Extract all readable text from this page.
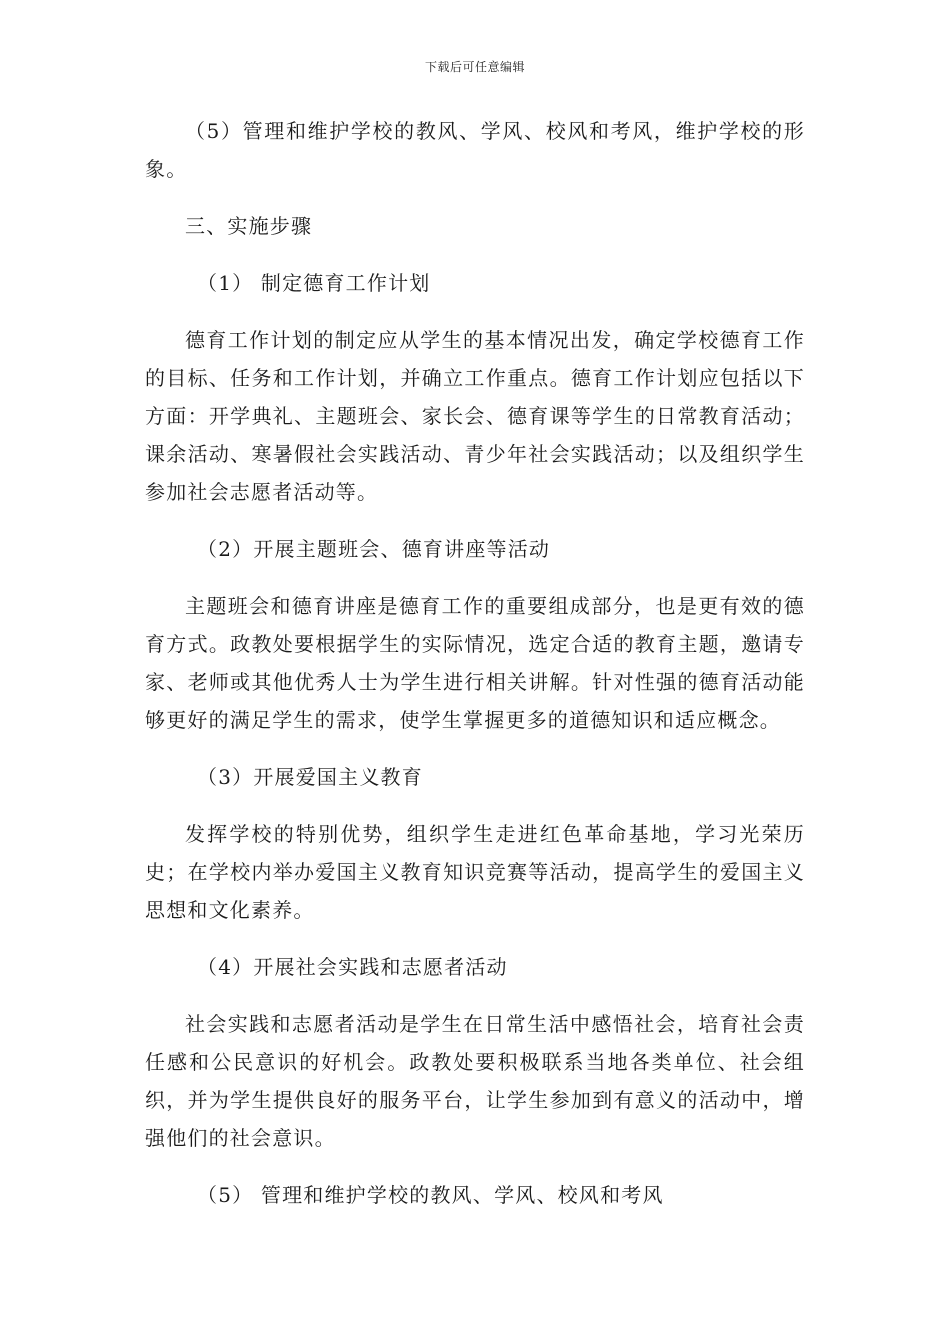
下载后可任意编辑

（5）管理和维护学校的教风、学风、校风和考风，维护学校的形象。

三、实施步骤

（1） 制定德育工作计划

德育工作计划的制定应从学生的基本情况出发，确定学校德育工作的目标、任务和工作计划，并确立工作重点。德育工作计划应包括以下方面：开学典礼、主题班会、家长会、德育课等学生的日常教育活动；课余活动、寒暑假社会实践活动、青少年社会实践活动；以及组织学生参加社会志愿者活动等。

（2）开展主题班会、德育讲座等活动

主题班会和德育讲座是德育工作的重要组成部分，也是更有效的德育方式。政教处要根据学生的实际情况，选定合适的教育主题，邀请专家、老师或其他优秀人士为学生进行相关讲解。针对性强的德育活动能够更好的满足学生的需求，使学生掌握更多的道德知识和适应概念。

（3）开展爱国主义教育

发挥学校的特别优势，组织学生走进红色革命基地，学习光荣历史；在学校内举办爱国主义教育知识竞赛等活动，提高学生的爱国主义思想和文化素养。

（4）开展社会实践和志愿者活动

社会实践和志愿者活动是学生在日常生活中感悟社会，培育社会责任感和公民意识的好机会。政教处要积极联系当地各类单位、社会组织，并为学生提供良好的服务平台，让学生参加到有意义的活动中，增强他们的社会意识。

（5） 管理和维护学校的教风、学风、校风和考风
